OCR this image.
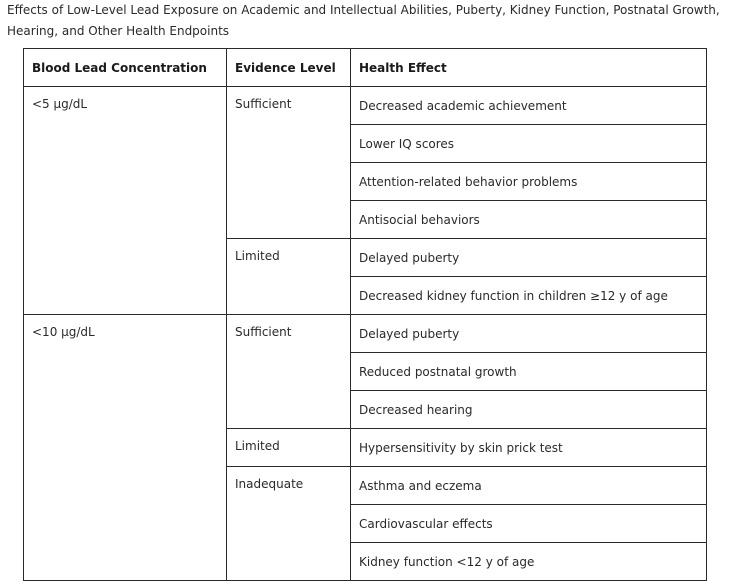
Effects of Low-Level Lead Exposure on Academic and Intellectual Abilities, Puberty, Kidney Function, Postnatal Growth, Hearing, and Other Health Endpoints
Blood Lead Concentration	Evidence Level	Health Effect
<5 µg/dL	Sufficient	Decreased academic achievement
		Lower IQ scores
		Attention-related behavior problems
		Antisocial behaviors
	Limited	Delayed puberty
		Decreased kidney function in children ≥12 y of age
<10 µg/dL	Sufficient	Delayed puberty
		Reduced postnatal growth
		Decreased hearing
	Limited	Hypersensitivity by skin prick test
	Inadequate	Asthma and eczema
		Cardiovascular effects
		Kidney function <12 y of age
